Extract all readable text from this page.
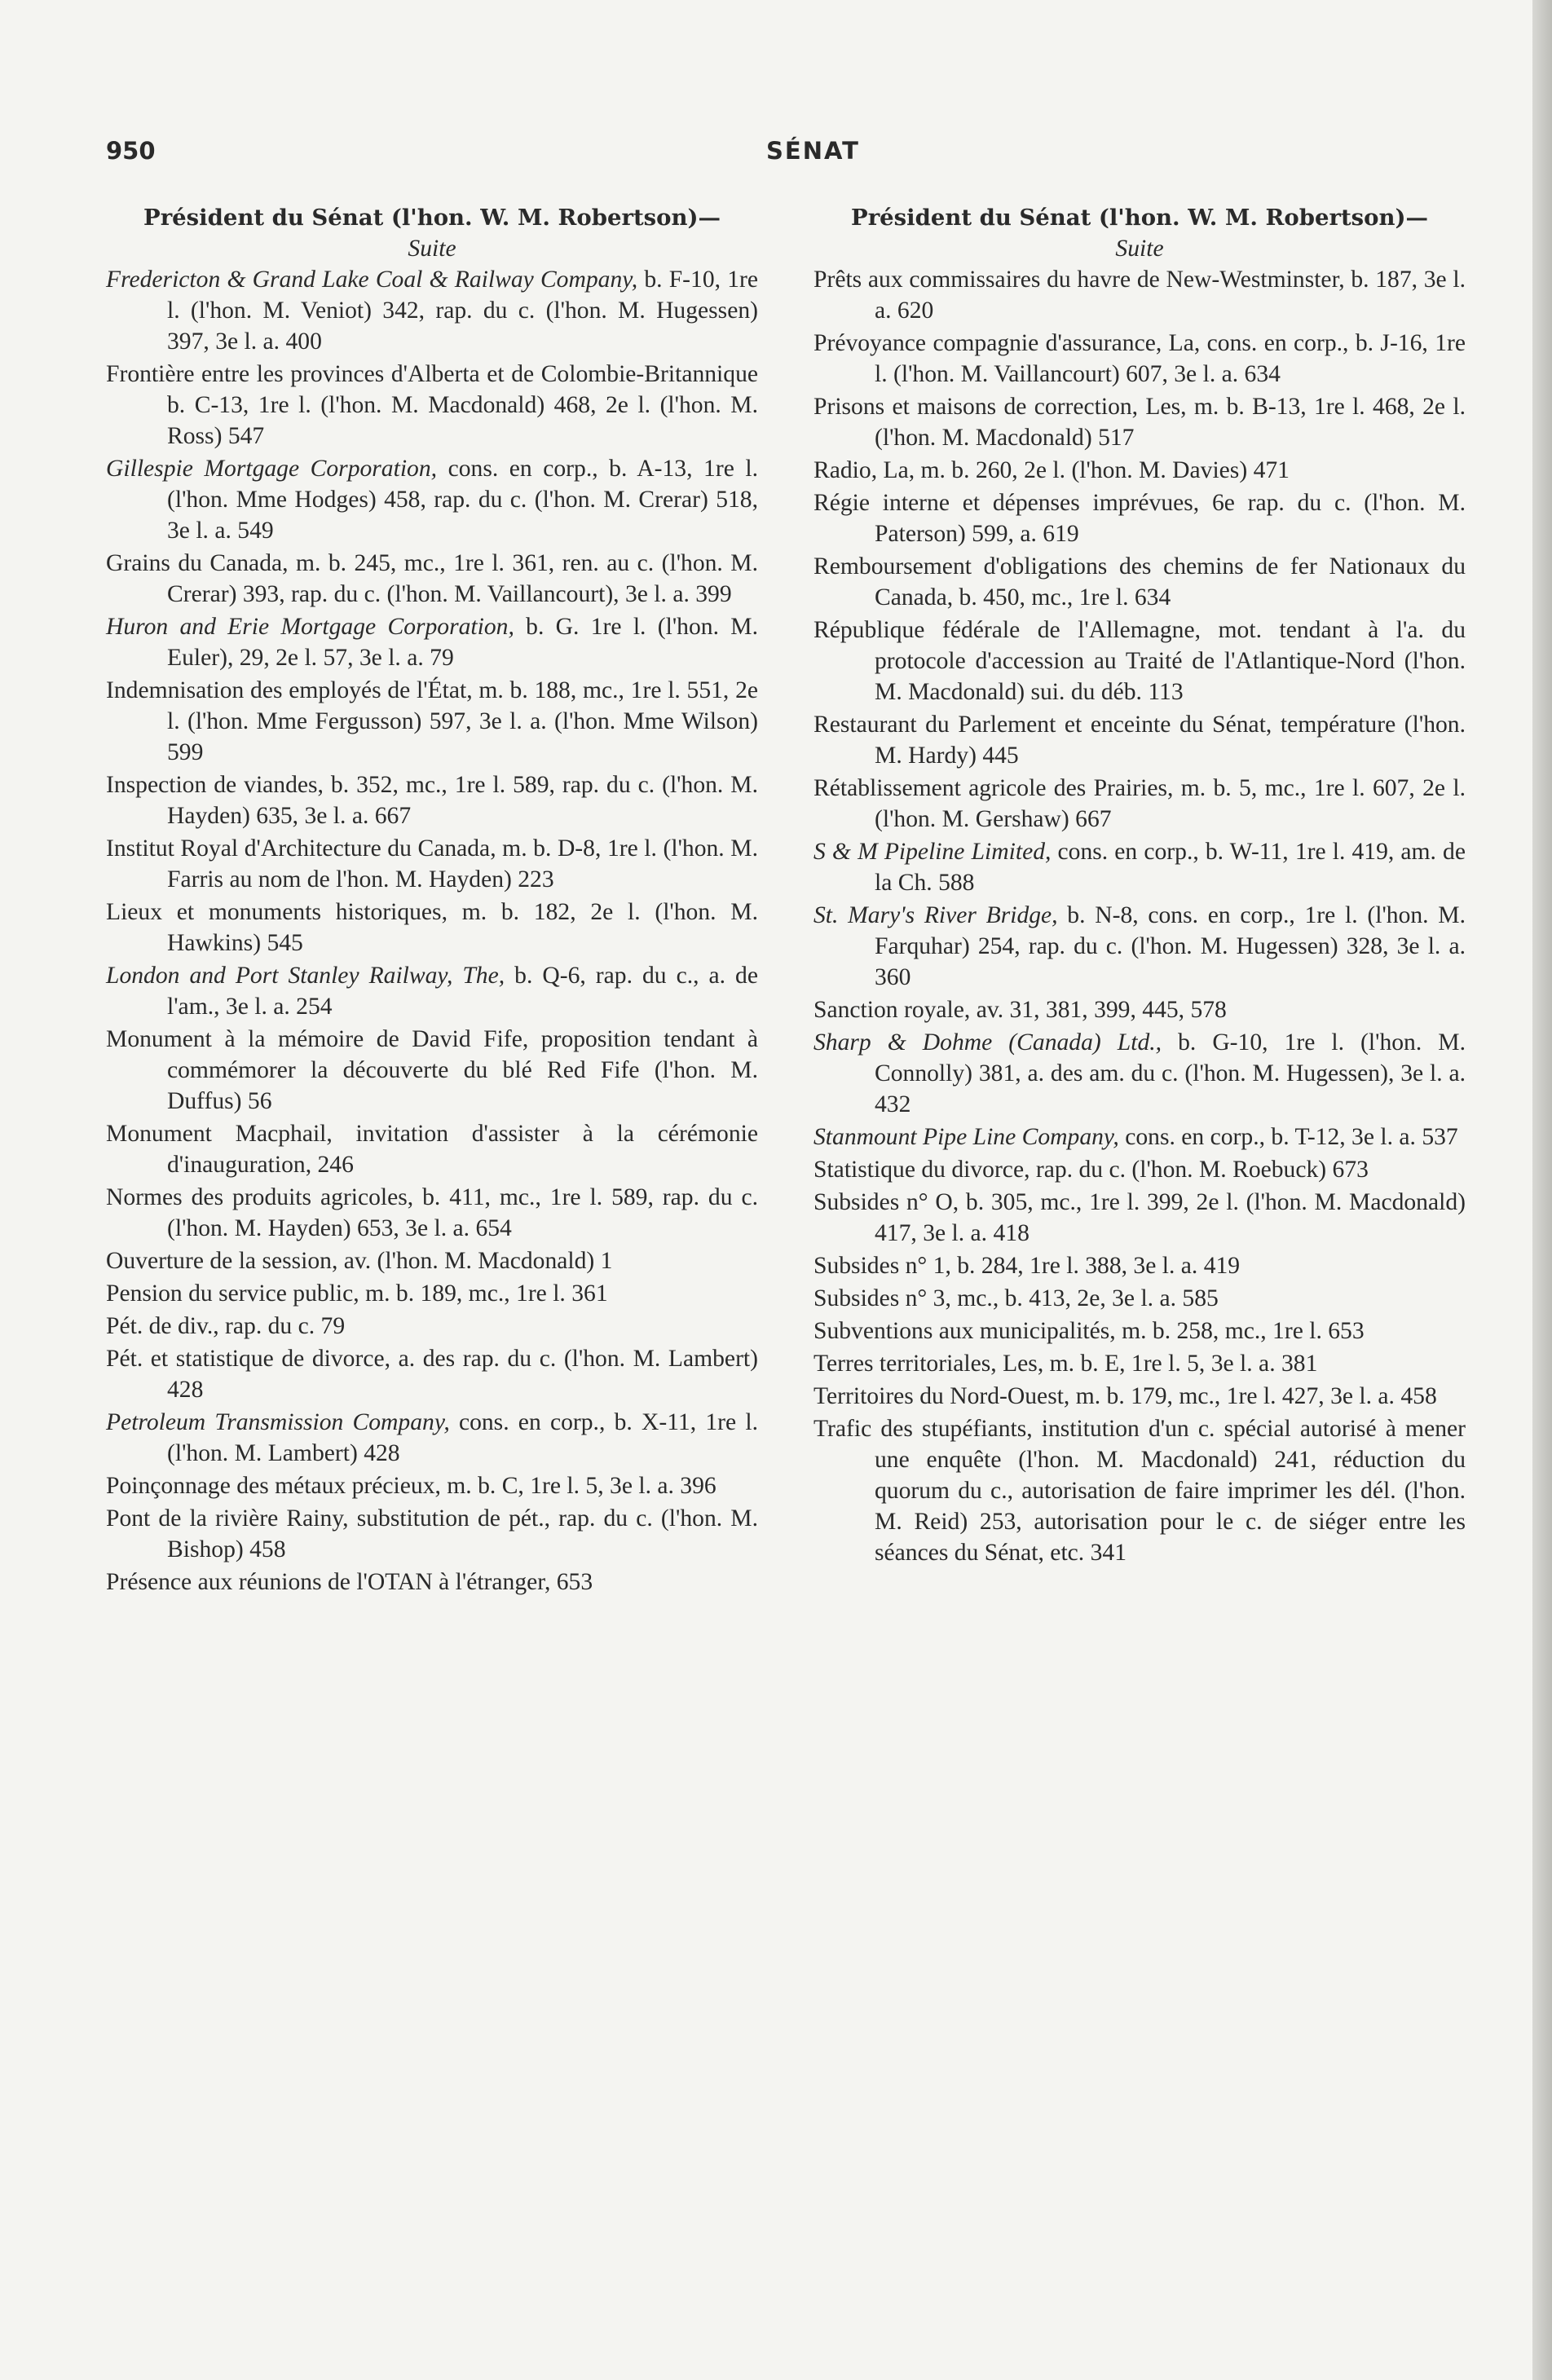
950	SÉNAT
Président du Sénat (l'hon. W. M. Robertson)—
Suite

Fredericton & Grand Lake Coal & Railway Company, b. F-10, 1re l. (l'hon. M. Veniot) 342, rap. du c. (l'hon. M. Hugessen) 397, 3e l. a. 400

Frontière entre les provinces d'Alberta et de Colombie-Britannique b. C-13, 1re l. (l'hon. M. Macdonald) 468, 2e l. (l'hon. M. Ross) 547

Gillespie Mortgage Corporation, cons. en corp., b. A-13, 1re l. (l'hon. Mme Hodges) 458, rap. du c. (l'hon. M. Crerar) 518, 3e l. a. 549

Grains du Canada, m. b. 245, mc., 1re l. 361, ren. au c. (l'hon. M. Crerar) 393, rap. du c. (l'hon. M. Vaillancourt), 3e l. a. 399

Huron and Erie Mortgage Corporation, b. G. 1re l. (l'hon. M. Euler), 29, 2e l. 57, 3e l. a. 79

Indemnisation des employés de l'État, m. b. 188, mc., 1re l. 551, 2e l. (l'hon. Mme Fergusson) 597, 3e l. a. (l'hon. Mme Wilson) 599

Inspection de viandes, b. 352, mc., 1re l. 589, rap. du c. (l'hon. M. Hayden) 635, 3e l. a. 667

Institut Royal d'Architecture du Canada, m. b. D-8, 1re l. (l'hon. M. Farris au nom de l'hon. M. Hayden) 223

Lieux et monuments historiques, m. b. 182, 2e l. (l'hon. M. Hawkins) 545

London and Port Stanley Railway, The, b. Q-6, rap. du c., a. de l'am., 3e l. a. 254

Monument à la mémoire de David Fife, proposition tendant à commémorer la découverte du blé Red Fife (l'hon. M. Duffus) 56

Monument Macphail, invitation d'assister à la cérémonie d'inauguration, 246

Normes des produits agricoles, b. 411, mc., 1re l. 589, rap. du c. (l'hon. M. Hayden) 653, 3e l. a. 654

Ouverture de la session, av. (l'hon. M. Macdonald) 1

Pension du service public, m. b. 189, mc., 1re l. 361

Pét. de div., rap. du c. 79

Pét. et statistique de divorce, a. des rap. du c. (l'hon. M. Lambert) 428

Petroleum Transmission Company, cons. en corp., b. X-11, 1re l. (l'hon. M. Lambert) 428

Poinçonnage des métaux précieux, m. b. C, 1re l. 5, 3e l. a. 396

Pont de la rivière Rainy, substitution de pét., rap. du c. (l'hon. M. Bishop) 458

Présence aux réunions de l'OTAN à l'étranger, 653

Président du Sénat (l'hon. W. M. Robertson)—
Suite

Prêts aux commissaires du havre de New-Westminster, b. 187, 3e l. a. 620

Prévoyance compagnie d'assurance, La, cons. en corp., b. J-16, 1re l. (l'hon. M. Vaillancourt) 607, 3e l. a. 634

Prisons et maisons de correction, Les, m. b. B-13, 1re l. 468, 2e l. (l'hon. M. Macdonald) 517

Radio, La, m. b. 260, 2e l. (l'hon. M. Davies) 471

Régie interne et dépenses imprévues, 6e rap. du c. (l'hon. M. Paterson) 599, a. 619

Remboursement d'obligations des chemins de fer Nationaux du Canada, b. 450, mc., 1re l. 634

République fédérale de l'Allemagne, mot. tendant à l'a. du protocole d'accession au Traité de l'Atlantique-Nord (l'hon. M. Macdonald) sui. du déb. 113

Restaurant du Parlement et enceinte du Sénat, température (l'hon. M. Hardy) 445

Rétablissement agricole des Prairies, m. b. 5, mc., 1re l. 607, 2e l. (l'hon. M. Gershaw) 667

S & M Pipeline Limited, cons. en corp., b. W-11, 1re l. 419, am. de la Ch. 588

St. Mary's River Bridge, b. N-8, cons. en corp., 1re l. (l'hon. M. Farquhar) 254, rap. du c. (l'hon. M. Hugessen) 328, 3e l. a. 360

Sanction royale, av. 31, 381, 399, 445, 578

Sharp & Dohme (Canada) Ltd., b. G-10, 1re l. (l'hon. M. Connolly) 381, a. des am. du c. (l'hon. M. Hugessen), 3e l. a. 432

Stanmount Pipe Line Company, cons. en corp., b. T-12, 3e l. a. 537

Statistique du divorce, rap. du c. (l'hon. M. Roebuck) 673

Subsides n° O, b. 305, mc., 1re l. 399, 2e l. (l'hon. M. Macdonald) 417, 3e l. a. 418

Subsides n° 1, b. 284, 1re l. 388, 3e l. a. 419

Subsides n° 3, mc., b. 413, 2e, 3e l. a. 585

Subventions aux municipalités, m. b. 258, mc., 1re l. 653

Terres territoriales, Les, m. b. E, 1re l. 5, 3e l. a. 381

Territoires du Nord-Ouest, m. b. 179, mc., 1re l. 427, 3e l. a. 458

Trafic des stupéfiants, institution d'un c. spécial autorisé à mener une enquête (l'hon. M. Macdonald) 241, réduction du quorum du c., autorisation de faire imprimer les dél. (l'hon. M. Reid) 253, autorisation pour le c. de siéger entre les séances du Sénat, etc. 341
